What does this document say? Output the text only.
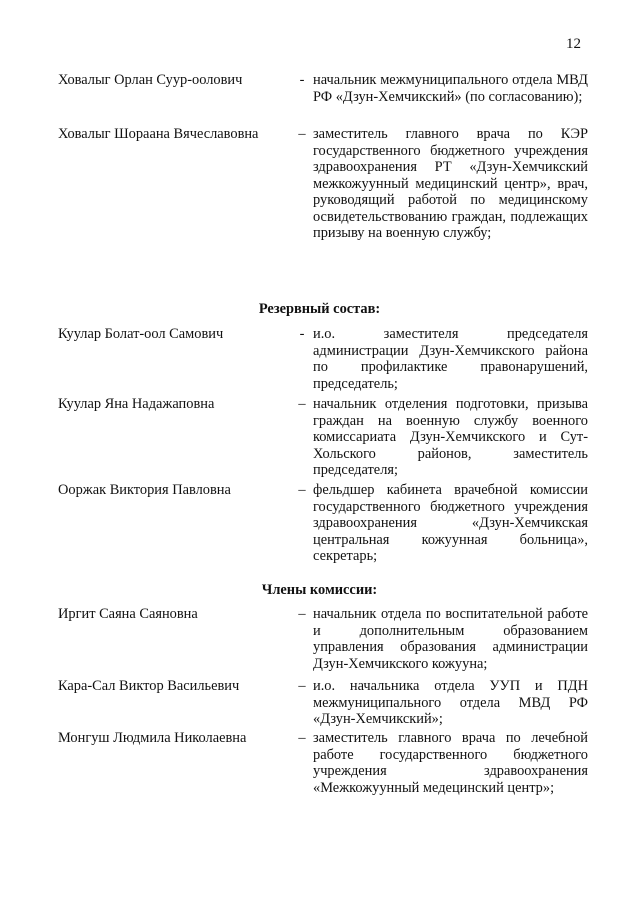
12
Ховалыг Орлан Суур-оолович	- начальник межмуниципального отдела МВД РФ «Дзун-Хемчикский» (по согласованию);
Ховалыг Шораана Вячеславовна	– заместитель главного врача по КЭР государственного бюджетного учреждения здравоохранения РТ «Дзун-Хемчикский межкожуунный медицинский центр», врач, руководящий работой по медицинскому освидетельствованию граждан, подлежащих призыву на военную службу;
Резервный состав:
Куулар Болат-оол Самович	- и.о. заместителя председателя администрации Дзун-Хемчикского района по профилактике правонарушений, председатель;
Куулар Яна Надажаповна	– начальник отделения подготовки, призыва граждан на военную службу военного комиссариата Дзун-Хемчикского и Сут-Хольского районов, заместитель председателя;
Ооржак Виктория Павловна	– фельдшер кабинета врачебной комиссии государственного бюджетного учреждения здравоохранения «Дзун-Хемчикская центральная кожуунная больница», секретарь;
Члены комиссии:
Иргит Саяна Саяновна	– начальник отдела по воспитательной работе и дополнительным образованием управления образования администрации Дзун-Хемчикского кожууна;
Кара-Сал Виктор Васильевич	– и.о. начальника отдела УУП и ПДН межмуниципального отдела МВД РФ «Дзун-Хемчикский»;
Монгуш Людмила Николаевна	– заместитель главного врача по лечебной работе государственного бюджетного учреждения здравоохранения «Межкожуунный медецинский центр»;
